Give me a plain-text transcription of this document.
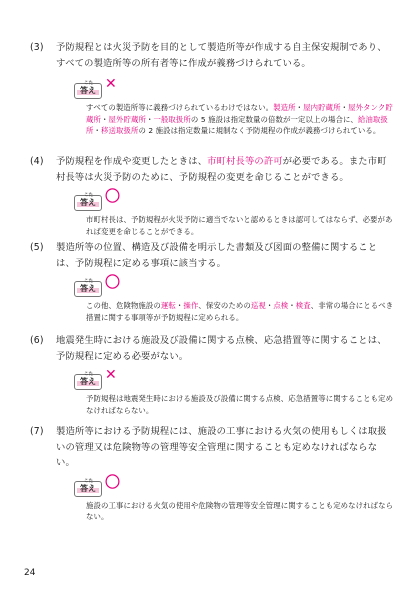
(3)	予防規程とは火災予防を目的として製造所等が作成する自主保安規制であり、すべての製造所等の所有者等に作成が義務づけられている。
こた
答え ✕
すべての製造所等に義務づけられているわけではない。製造所・屋内貯蔵所・屋外タンク貯蔵所・屋外貯蔵所・一般取扱所の 5 施設は指定数量の倍数が一定以上の場合に、給油取扱所・移送取扱所の 2 施設は指定数量に規制なく予防規程の作成が義務づけられている。
(4)	予防規程を作成や変更したときは、市町村長等の許可が必要である。また市町村長等は火災予防のために、予防規程の変更を命じることができる。
こた
答え 〇
市町村長は、予防規程が火災予防に適当でないと認めるときは認可してはならず、必要があれば変更を命じることができる。
(5)	製造所等の位置、構造及び設備を明示した書類及び図面の整備に関することは、予防規程に定める事項に該当する。
こた
答え 〇
この他、危険物施設の運転・操作、保安のための巡視・点検・検査、非常の場合にとるべき措置に関する事項等が予防規程に定められる。
(6)	地震発生時における施設及び設備に関する点検、応急措置等に関することは、予防規程に定める必要がない。
こた
答え ✕
予防規程は地震発生時における施設及び設備に関する点検、応急措置等に関することも定めなければならない。
(7)	製造所等における予防規程には、施設の工事における火気の使用もしくは取扱いの管理又は危険物等の管理等安全管理に関することも定めなければならない。
こた
答え 〇
施設の工事における火気の使用や危険物の管理等安全管理に関することも定めなければならない。
24
